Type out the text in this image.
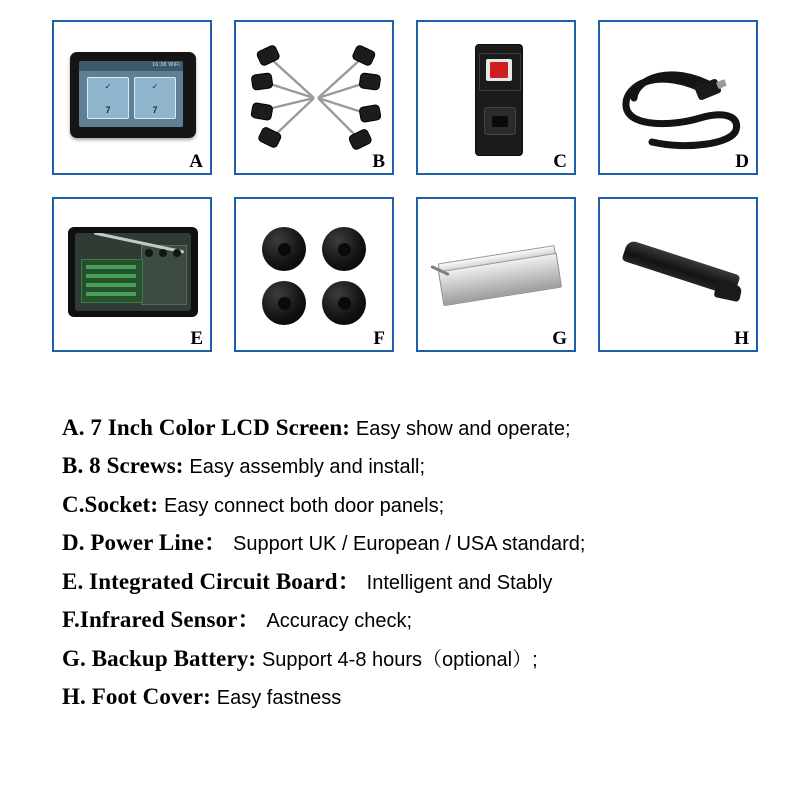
16:38 WiFi
✓
7
✓
7
A	B	C	D
E	F	G	H
A. 7 Inch Color LCD Screen: Easy show and operate;
B. 8 Screws: Easy assembly and install;
C.Socket: Easy connect both door panels;
D. Power Line： Support UK / European / USA standard;
E. Integrated Circuit Board： Intelligent and Stably
F.Infrared Sensor： Accuracy check;
G. Backup Battery: Support 4-8 hours（optional）;
H. Foot Cover: Easy fastness
